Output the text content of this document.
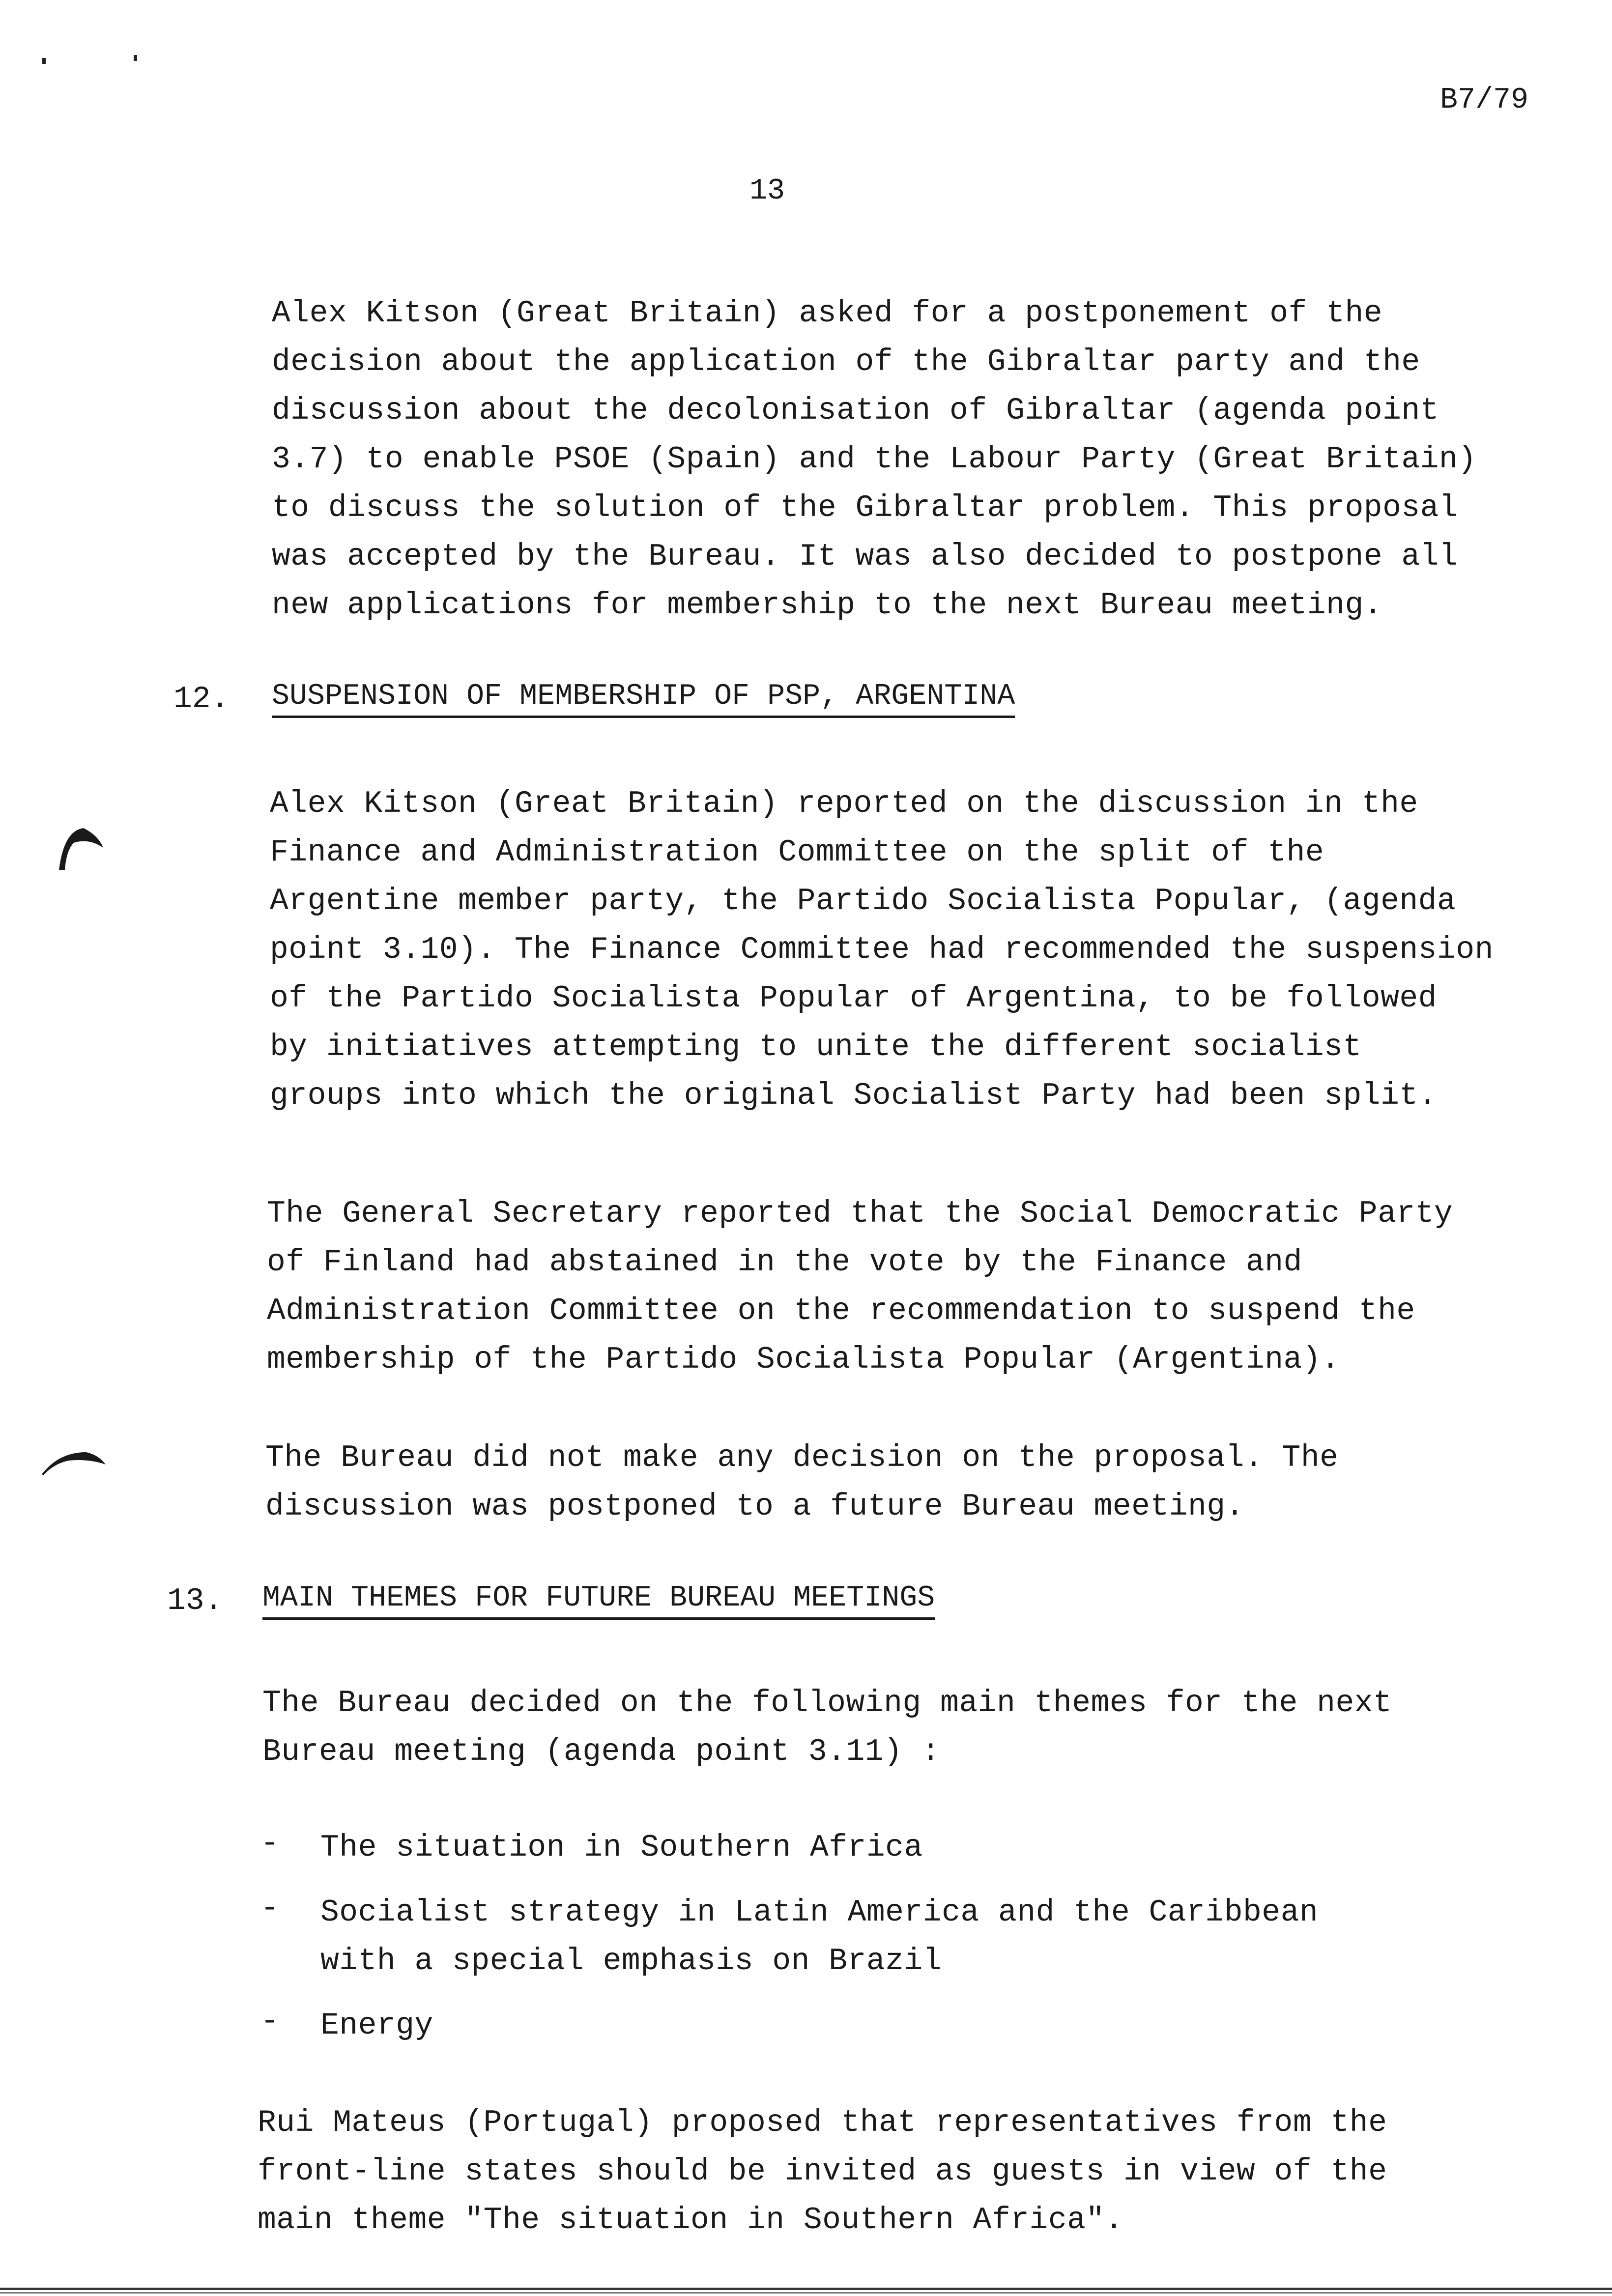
B7/79
13
Alex Kitson (Great Britain) asked for a postponement of the
decision about the application of the Gibraltar party and the
discussion about the decolonisation of Gibraltar (agenda point
3.7) to enable PSOE (Spain) and the Labour Party (Great Britain)
to discuss the solution of the Gibraltar problem. This proposal
was accepted by the Bureau. It was also decided to postpone all
new applications for membership to the next Bureau meeting.
12. SUSPENSION OF MEMBERSHIP OF PSP, ARGENTINA
Alex Kitson (Great Britain) reported on the discussion in the
Finance and Administration Committee on the split of the
Argentine member party, the Partido Socialista Popular, (agenda
point 3.10). The Finance Committee had recommended the suspension
of the Partido Socialista Popular of Argentina, to be followed
by initiatives attempting to unite the different socialist
groups into which the original Socialist Party had been split.
The General Secretary reported that the Social Democratic Party
of Finland had abstained in the vote by the Finance and
Administration Committee on the recommendation to suspend the
membership of the Partido Socialista Popular (Argentina).
The Bureau did not make any decision on the proposal. The
discussion was postponed to a future Bureau meeting.
13. MAIN THEMES FOR FUTURE BUREAU MEETINGS
The Bureau decided on the following main themes for the next
Bureau meeting (agenda point 3.11) :
- The situation in Southern Africa
- Socialist strategy in Latin America and the Caribbean
with a special emphasis on Brazil
- Energy
Rui Mateus (Portugal) proposed that representatives from the
front-line states should be invited as guests in view of the
main theme "The situation in Southern Africa".
